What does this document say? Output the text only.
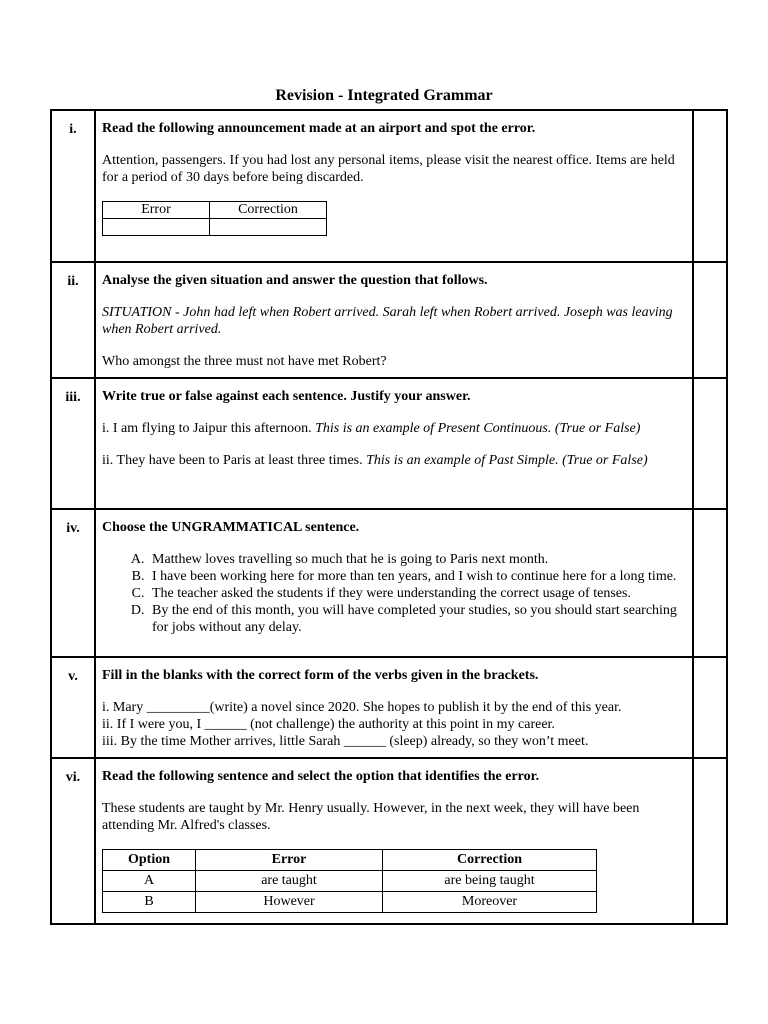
Revision - Integrated Grammar
i.	Read the following announcement made at an airport and spot the error.

Attention, passengers. If you had lost any personal items, please visit the nearest office. Items are held for a period of 30 days before being discarded.

Error	Correction

ii.	Analyse the given situation and answer the question that follows.

SITUATION - John had left when Robert arrived. Sarah left when Robert arrived. Joseph was leaving when Robert arrived.

Who amongst the three must not have met Robert?

iii.	Write true or false against each sentence. Justify your answer.

i. I am flying to Jaipur this afternoon. This is an example of Present Continuous. (True or False)

ii. They have been to Paris at least three times. This is an example of Past Simple. (True or False)

iv.	Choose the UNGRAMMATICAL sentence.

A. Matthew loves travelling so much that he is going to Paris next month.
B. I have been working here for more than ten years, and I wish to continue here for a long time.
C. The teacher asked the students if they were understanding the correct usage of tenses.
D. By the end of this month, you will have completed your studies, so you should start searching for jobs without any delay.

v.	Fill in the blanks with the correct form of the verbs given in the brackets.

i. Mary _________(write) a novel since 2020. She hopes to publish it by the end of this year.

ii. If I were you, I ______ (not challenge) the authority at this point in my career.

iii. By the time Mother arrives, little Sarah ______ (sleep) already, so they won’t meet.

vi.	Read the following sentence and select the option that identifies the error.

These students are taught by Mr. Henry usually. However, in the next week, they will have been attending Mr. Alfred's classes.

Option	Error	Correction
A	are taught	are being taught
B	However	Moreover
